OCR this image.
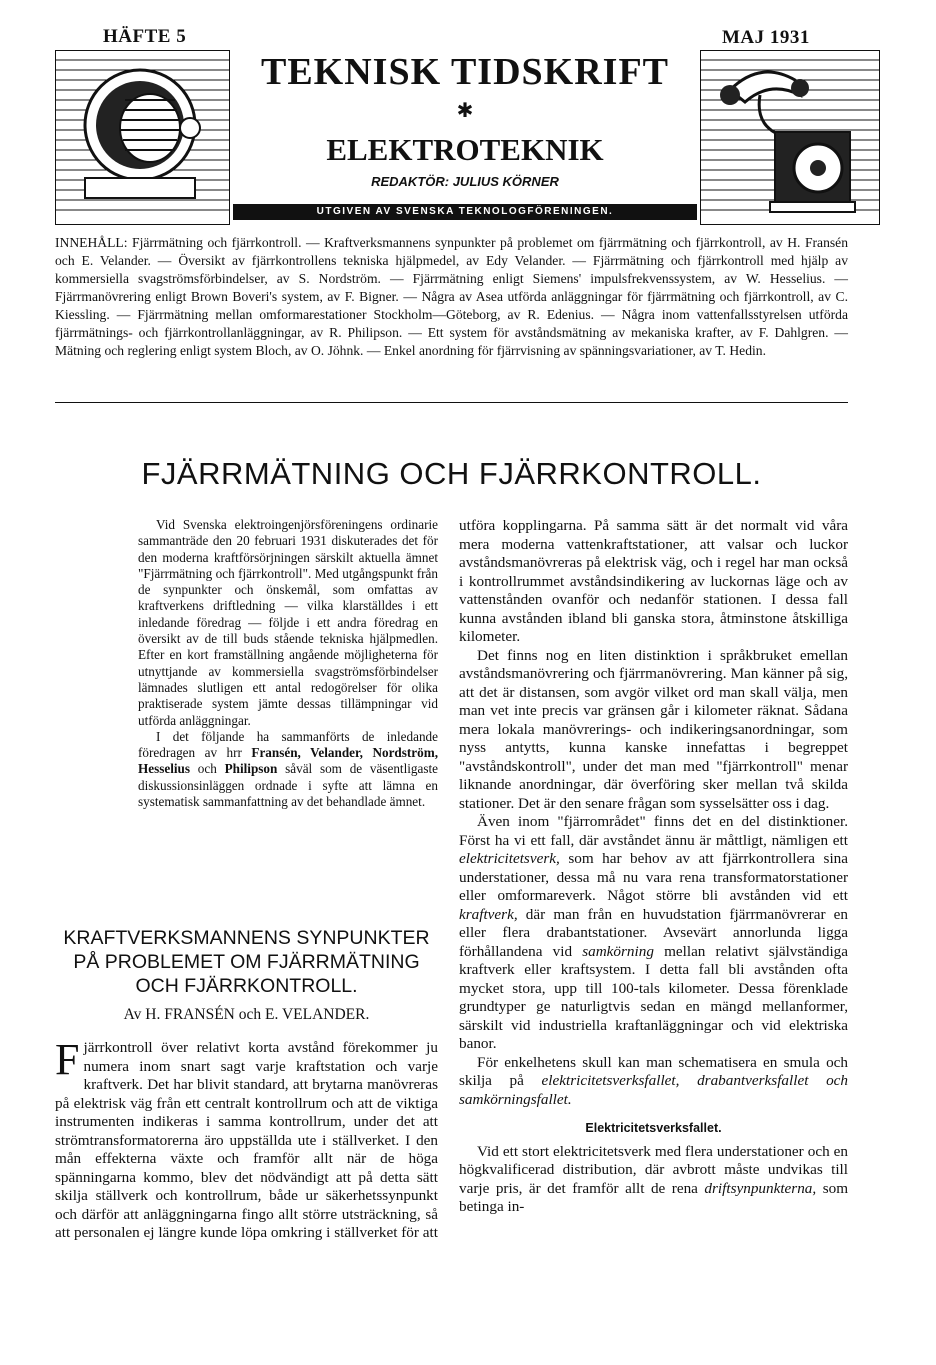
HÄFTE 5	MAJ 1931
TEKNISK TIDSKRIFT
✱
ELEKTROTEKNIK
REDAKTÖR: JULIUS KÖRNER
UTGIVEN AV SVENSKA TEKNOLOGFÖRENINGEN.
INNEHÅLL: Fjärrmätning och fjärrkontroll. — Kraftverksmannens synpunkter på problemet om fjärrmätning och fjärrkontroll, av H. Fransén och E. Velander. — Översikt av fjärrkontrollens tekniska hjälpmedel, av Edy Velander. — Fjärrmätning och fjärrkontroll med hjälp av kommersiella svagströmsförbindelser, av S. Nordström. — Fjärrmätning enligt Siemens' impulsfrekvenssystem, av W. Hesselius. — Fjärrmanövrering enligt Brown Boveri's system, av F. Bigner. — Några av Asea utförda anläggningar för fjärrmätning och fjärrkontroll, av C. Kiessling. — Fjärrmätning mellan omformarestationer Stockholm—Göteborg, av R. Edenius. — Några inom vattenfallsstyrelsen utförda fjärrmätnings- och fjärrkontrollanläggningar, av R. Philipson. — Ett system för avståndsmätning av mekaniska krafter, av F. Dahlgren. — Mätning och reglering enligt system Bloch, av O. Jöhnk. — Enkel anordning för fjärrvisning av spänningsvariationer, av T. Hedin.
FJÄRRMÄTNING OCH FJÄRRKONTROLL.

Vid Svenska elektroingenjörsföreningens ordinarie sammanträde den 20 februari 1931 diskuterades det för den moderna kraftförsörjningen särskilt aktuella ämnet "Fjärrmätning och fjärrkontroll". Med utgångspunkt från de synpunkter och önskemål, som omfattas av kraftverkens driftledning — vilka klarställdes i ett inledande föredrag — följde i ett andra föredrag en översikt av de till buds stående tekniska hjälpmedlen. Efter en kort framställning angående möjligheterna för utnyttjande av kommersiella svagströmsförbindelser lämnades slutligen ett antal redogörelser för olika praktiserade system jämte dessas tillämpningar vid utförda anläggningar.

I det följande ha sammanförts de inledande föredragen av hrr Fransén, Velander, Nordström, Hesselius och Philipson såväl som de väsentligaste diskussionsinläggen ordnade i syfte att lämna en systematisk sammanfattning av det behandlade ämnet.

KRAFTVERKSMANNENS SYNPUNKTER PÅ PROBLEMET OM FJÄRRMÄTNING OCH FJÄRRKONTROLL.
Av H. FRANSÉN och E. VELANDER.
Fjärrkontroll över relativt korta avstånd förekommer ju numera inom snart sagt varje kraftstation och varje kraftverk. Det har blivit standard, att brytarna manövreras på elektrisk väg från ett centralt kontrollrum och att de viktiga instrumenten indikeras i samma kontrollrum, under det att strömtransformatorerna äro uppställda ute i ställverket. I den mån effekterna växte och framför allt när de höga spänningarna kommo, blev det nödvändigt att på detta sätt skilja ställverk och kontrollrum, både ur säkerhetssynpunkt och därför att anläggningarna fingo allt större utsträckning, så att personalen ej längre kunde löpa omkring i ställverket för att

utföra kopplingarna. På samma sätt är det normalt vid våra mera moderna vattenkraftstationer, att valsar och luckor avståndsmanövreras på elektrisk väg, och i regel har man också i kontrollrummet avståndsindikering av luckornas läge och av vattenstånden ovanför och nedanför stationen. I dessa fall kunna avstånden ibland bli ganska stora, åtminstone åtskilliga kilometer.

Det finns nog en liten distinktion i språkbruket emellan avståndsmanövrering och fjärrmanövrering. Man känner på sig, att det är distansen, som avgör vilket ord man skall välja, men man vet inte precis var gränsen går i kilometer räknat. Sådana mera lokala manövrerings- och indikeringsanordningar, som nyss antytts, kunna kanske innefattas i begreppet "avståndskontroll", under det man med "fjärrkontroll" menar liknande anordningar, där överföring sker mellan två skilda stationer. Det är den senare frågan som sysselsätter oss i dag.

Även inom "fjärrområdet" finns det en del distinktioner. Först ha vi ett fall, där avståndet ännu är måttligt, nämligen ett elektricitetsverk, som har behov av att fjärrkontrollera sina understationer, dessa må nu vara rena transformatorstationer eller omformareverk. Något större bli avstånden vid ett kraftverk, där man från en huvudstation fjärrmanövrerar en eller flera drabantstationer. Avsevärt annorlunda ligga förhållandena vid samkörning mellan relativt självständiga kraftverk eller kraftsystem. I detta fall bli avstånden ofta mycket stora, upp till 100-tals kilometer. Dessa förenklade grundtyper ge naturligtvis sedan en mängd mellanformer, särskilt vid industriella kraftanläggningar och vid elektriska banor.

För enkelhetens skull kan man schematisera en smula och skilja på elektricitetsverksfallet, drabantverksfallet och samkörningsfallet.

Elektricitetsverksfallet.

Vid ett stort elektricitetsverk med flera understationer och en högkvalificerad distribution, där avbrott måste undvikas till varje pris, är det framför allt de rena driftsynpunkterna, som betinga in-
